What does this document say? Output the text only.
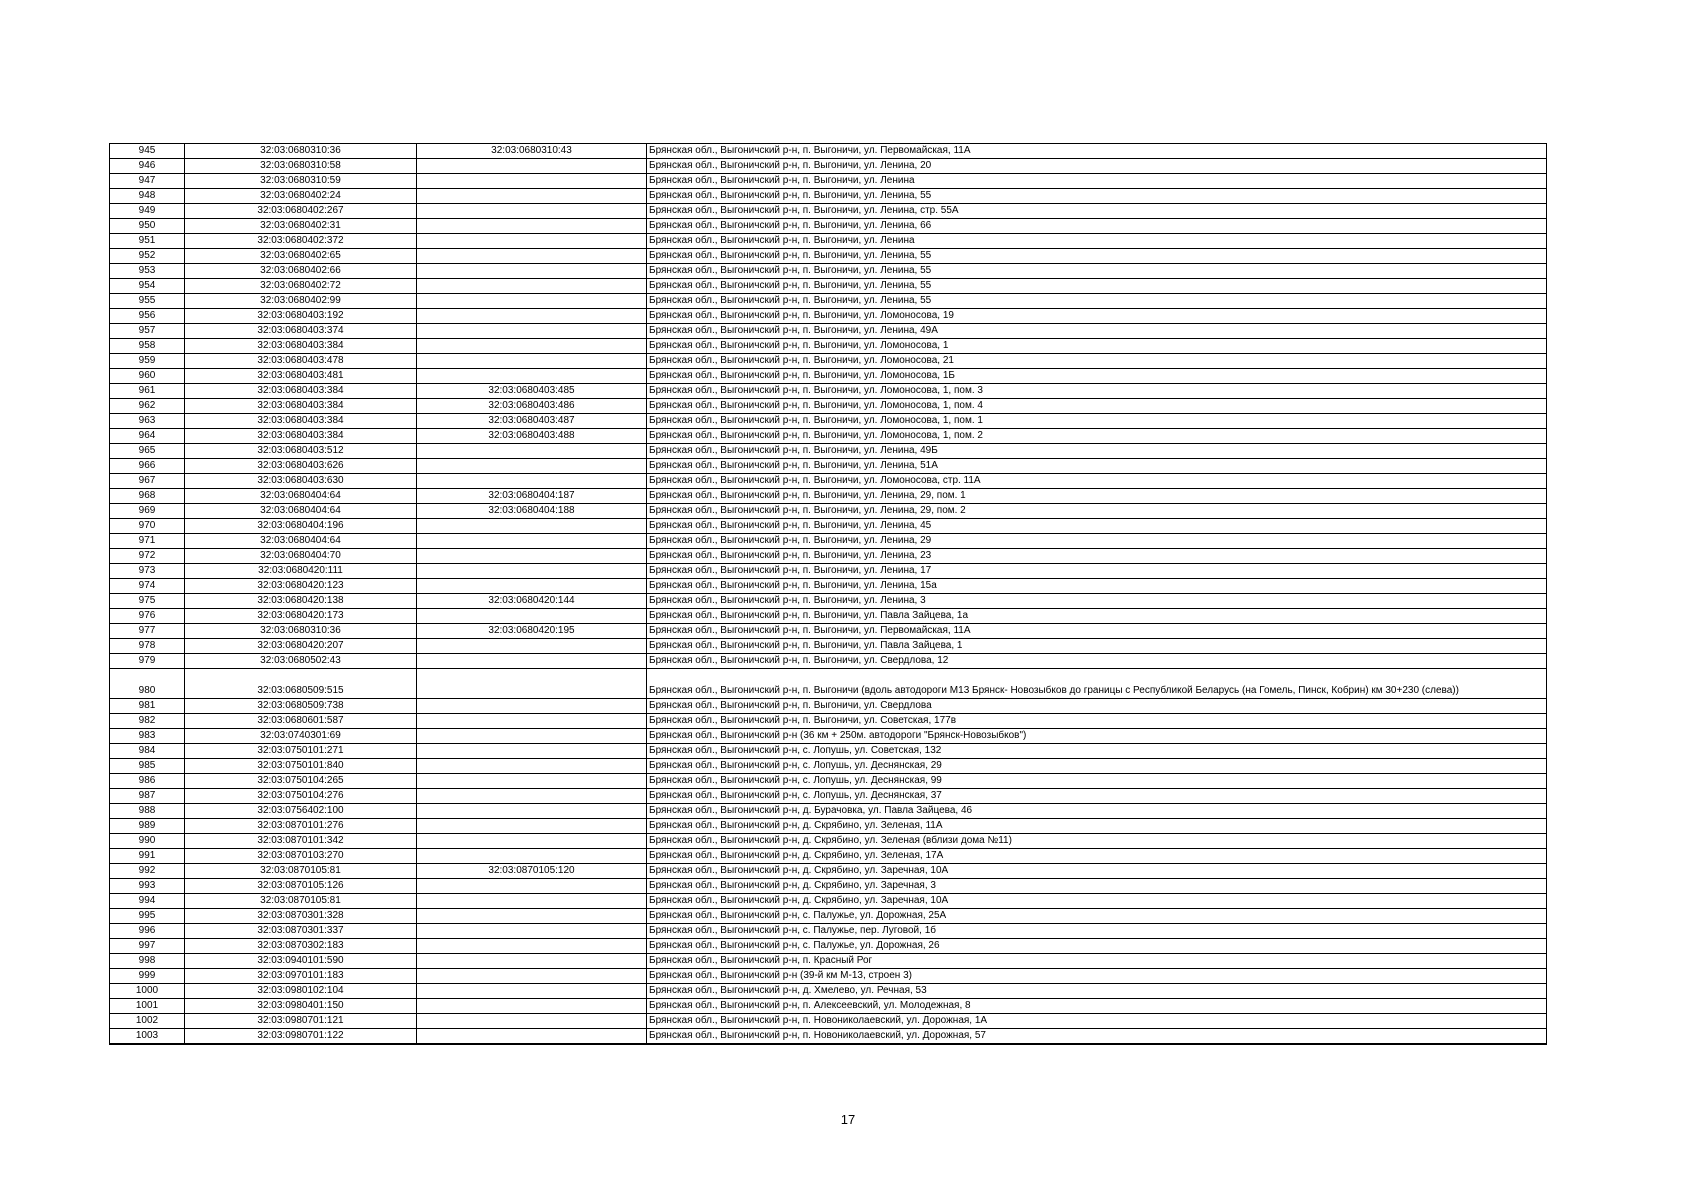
945	32:03:0680310:36	32:03:0680310:43	Брянская обл., Выгоничский р-н, п. Выгоничи, ул. Первомайская, 11А
946	32:03:0680310:58		Брянская обл., Выгоничский р-н, п. Выгоничи, ул. Ленина, 20
947	32:03:0680310:59		Брянская обл., Выгоничский р-н, п. Выгоничи, ул. Ленина
948	32:03:0680402:24		Брянская обл., Выгоничский р-н, п. Выгоничи, ул. Ленина, 55
949	32:03:0680402:267		Брянская обл., Выгоничский р-н, п. Выгоничи, ул. Ленина, стр. 55А
950	32:03:0680402:31		Брянская обл., Выгоничский р-н, п. Выгоничи, ул. Ленина, 66
951	32:03:0680402:372		Брянская обл., Выгоничский р-н, п. Выгоничи, ул. Ленина
952	32:03:0680402:65		Брянская обл., Выгоничский р-н, п. Выгоничи, ул. Ленина, 55
953	32:03:0680402:66		Брянская обл., Выгоничский р-н, п. Выгоничи, ул. Ленина, 55
954	32:03:0680402:72		Брянская обл., Выгоничский р-н, п. Выгоничи, ул. Ленина, 55
955	32:03:0680402:99		Брянская обл., Выгоничский р-н, п. Выгоничи, ул. Ленина, 55
956	32:03:0680403:192		Брянская обл., Выгоничский р-н, п. Выгоничи, ул. Ломоносова, 19
957	32:03:0680403:374		Брянская обл., Выгоничский р-н, п. Выгоничи, ул. Ленина, 49А
958	32:03:0680403:384		Брянская обл., Выгоничский р-н, п. Выгоничи, ул. Ломоносова, 1
959	32:03:0680403:478		Брянская обл., Выгоничский р-н, п. Выгоничи, ул. Ломоносова, 21
960	32:03:0680403:481		Брянская обл., Выгоничский р-н, п. Выгоничи, ул. Ломоносова, 1Б
961	32:03:0680403:384	32:03:0680403:485	Брянская обл., Выгоничский р-н, п. Выгоничи, ул. Ломоносова, 1, пом. 3
962	32:03:0680403:384	32:03:0680403:486	Брянская обл., Выгоничский р-н, п. Выгоничи, ул. Ломоносова, 1, пом. 4
963	32:03:0680403:384	32:03:0680403:487	Брянская обл., Выгоничский р-н, п. Выгоничи, ул. Ломоносова, 1, пом. 1
964	32:03:0680403:384	32:03:0680403:488	Брянская обл., Выгоничский р-н, п. Выгоничи, ул. Ломоносова, 1, пом. 2
965	32:03:0680403:512		Брянская обл., Выгоничский р-н, п. Выгоничи, ул. Ленина, 49Б
966	32:03:0680403:626		Брянская обл., Выгоничский р-н, п. Выгоничи, ул. Ленина, 51А
967	32:03:0680403:630		Брянская обл., Выгоничский р-н, п. Выгоничи, ул. Ломоносова, стр. 11А
968	32:03:0680404:64	32:03:0680404:187	Брянская обл., Выгоничский р-н, п. Выгоничи, ул. Ленина, 29, пом. 1
969	32:03:0680404:64	32:03:0680404:188	Брянская обл., Выгоничский р-н, п. Выгоничи, ул. Ленина, 29, пом. 2
970	32:03:0680404:196		Брянская обл., Выгоничский р-н, п. Выгоничи, ул. Ленина, 45
971	32:03:0680404:64		Брянская обл., Выгоничский р-н, п. Выгоничи, ул. Ленина, 29
972	32:03:0680404:70		Брянская обл., Выгоничский р-н, п. Выгоничи, ул. Ленина, 23
973	32:03:0680420:111		Брянская обл., Выгоничский р-н, п. Выгоничи, ул. Ленина, 17
974	32:03:0680420:123		Брянская обл., Выгоничский р-н, п. Выгоничи, ул. Ленина, 15а
975	32:03:0680420:138	32:03:0680420:144	Брянская обл., Выгоничский р-н, п. Выгоничи, ул. Ленина, 3
976	32:03:0680420:173		Брянская обл., Выгоничский р-н, п. Выгоничи, ул. Павла Зайцева, 1а
977	32:03:0680310:36	32:03:0680420:195	Брянская обл., Выгоничский р-н, п. Выгоничи, ул. Первомайская, 11А
978	32:03:0680420:207		Брянская обл., Выгоничский р-н, п. Выгоничи, ул. Павла Зайцева, 1
979	32:03:0680502:43		Брянская обл., Выгоничский р-н, п. Выгоничи, ул. Свердлова, 12
980	32:03:0680509:515		Брянская обл., Выгоничский р-н, п. Выгоничи (вдоль автодороги М13 Брянск- Новозыбков до границы с Республикой Беларусь (на Гомель, Пинск, Кобрин) км 30+230 (слева))
981	32:03:0680509:738		Брянская обл., Выгоничский р-н, п. Выгоничи, ул. Свердлова
982	32:03:0680601:587		Брянская обл., Выгоничский р-н, п. Выгоничи, ул. Советская, 177в
983	32:03:0740301:69		Брянская обл., Выгоничский р-н (36 км + 250м. автодороги "Брянск-Новозыбков")
984	32:03:0750101:271		Брянская обл., Выгоничский р-н, с. Лопушь, ул. Советская, 132
985	32:03:0750101:840		Брянская обл., Выгоничский р-н, с. Лопушь, ул. Деснянская, 29
986	32:03:0750104:265		Брянская обл., Выгоничский р-н, с. Лопушь, ул. Деснянская, 99
987	32:03:0750104:276		Брянская обл., Выгоничский р-н, с. Лопушь, ул. Деснянская, 37
988	32:03:0756402:100		Брянская обл., Выгоничский р-н, д. Бурачовка, ул. Павла Зайцева, 46
989	32:03:0870101:276		Брянская обл., Выгоничский р-н, д. Скрябино, ул. Зеленая, 11А
990	32:03:0870101:342		Брянская обл., Выгоничский р-н, д. Скрябино, ул. Зеленая (вблизи дома №11)
991	32:03:0870103:270		Брянская обл., Выгоничский р-н, д. Скрябино, ул. Зеленая, 17А
992	32:03:0870105:81	32:03:0870105:120	Брянская обл., Выгоничский р-н, д. Скрябино, ул. Заречная, 10А
993	32:03:0870105:126		Брянская обл., Выгоничский р-н, д. Скрябино, ул. Заречная, 3
994	32:03:0870105:81		Брянская обл., Выгоничский р-н, д. Скрябино, ул. Заречная, 10А
995	32:03:0870301:328		Брянская обл., Выгоничский р-н, с. Палужье, ул. Дорожная, 25А
996	32:03:0870301:337		Брянская обл., Выгоничский р-н, с. Палужье, пер. Луговой, 1б
997	32:03:0870302:183		Брянская обл., Выгоничский р-н, с. Палужье, ул. Дорожная, 26
998	32:03:0940101:590		Брянская обл., Выгоничский р-н, п. Красный Рог
999	32:03:0970101:183		Брянская обл., Выгоничский р-н (39-й км М-13, строен 3)
1000	32:03:0980102:104		Брянская обл., Выгоничский р-н, д. Хмелево, ул. Речная, 53
1001	32:03:0980401:150		Брянская обл., Выгоничский р-н, п. Алексеевский, ул. Молодежная, 8
1002	32:03:0980701:121		Брянская обл., Выгоничский р-н, п. Новониколаевский, ул. Дорожная, 1А
1003	32:03:0980701:122		Брянская обл., Выгоничский р-н, п. Новониколаевский, ул. Дорожная, 57
17
